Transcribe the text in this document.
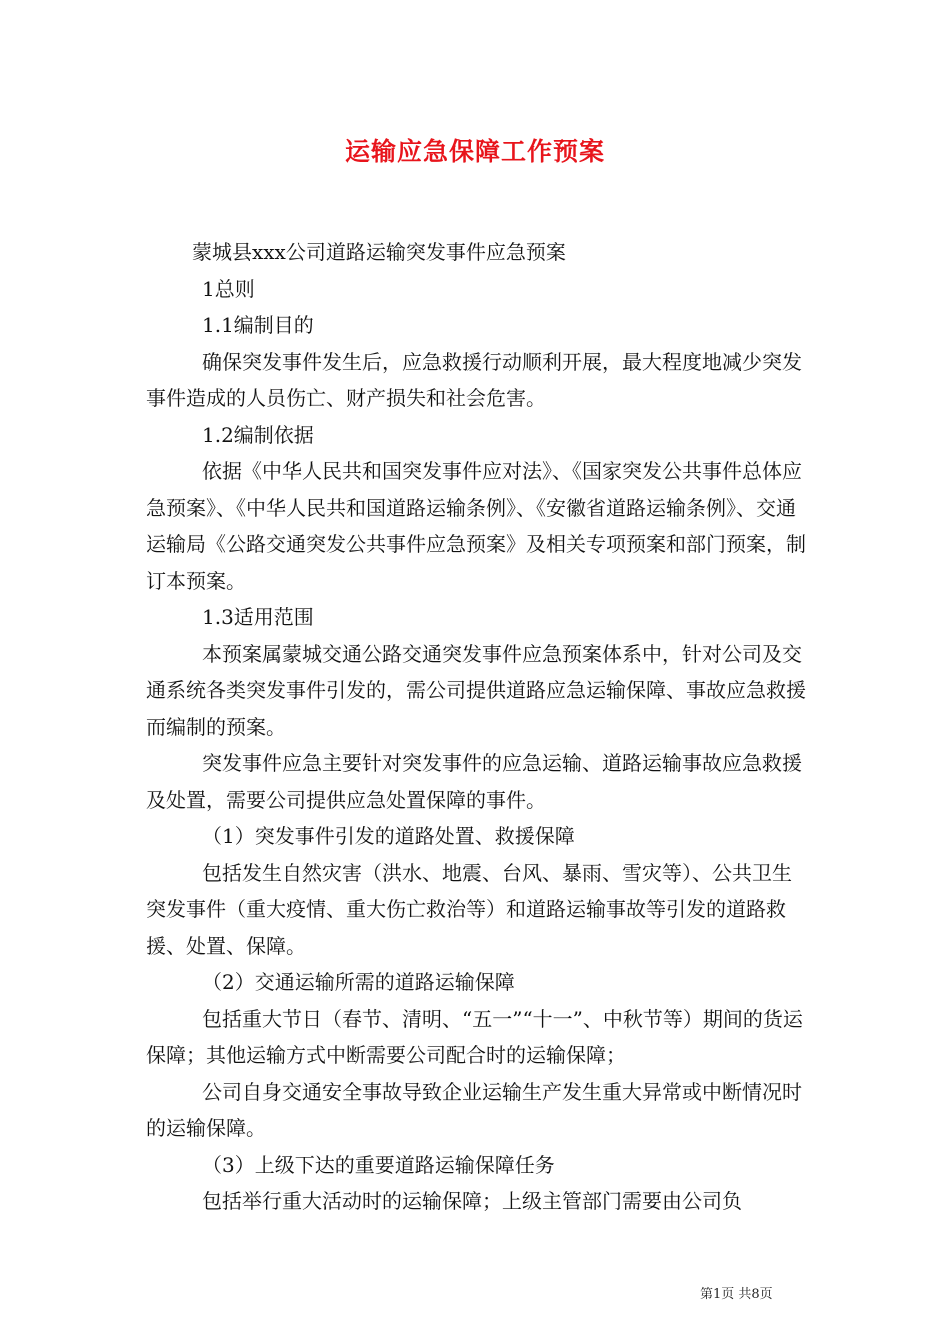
运输应急保障工作预案

蒙城县xxx公司道路运输突发事件应急预案

1总则

1.1编制目的

确保突发事件发生后，应急救援行动顺利开展，最大程度地减少突发事件造成的人员伤亡、财产损失和社会危害。

1.2编制依据

依据《中华人民共和国突发事件应对法》、《国家突发公共事件总体应急预案》、《中华人民共和国道路运输条例》、《安徽省道路运输条例》、交通运输局《公路交通突发公共事件应急预案》及相关专项预案和部门预案，制订本预案。

1.3适用范围

本预案属蒙城交通公路交通突发事件应急预案体系中，针对公司及交通系统各类突发事件引发的，需公司提供道路应急运输保障、事故应急救援而编制的预案。

突发事件应急主要针对突发事件的应急运输、道路运输事故应急救援及处置，需要公司提供应急处置保障的事件。

（1）突发事件引发的道路处置、救援保障

包括发生自然灾害（洪水、地震、台风、暴雨、雪灾等）、公共卫生突发事件（重大疫情、重大伤亡救治等）和道路运输事故等引发的道路救援、处置、保障。

（2）交通运输所需的道路运输保障

包括重大节日（春节、清明、“五一”“十一”、中秋节等）期间的货运保障；其他运输方式中断需要公司配合时的运输保障；

公司自身交通安全事故导致企业运输生产发生重大异常或中断情况时的运输保障。

（3）上级下达的重要道路运输保障任务

包括举行重大活动时的运输保障；上级主管部门需要由公司负

第1页 共8页
